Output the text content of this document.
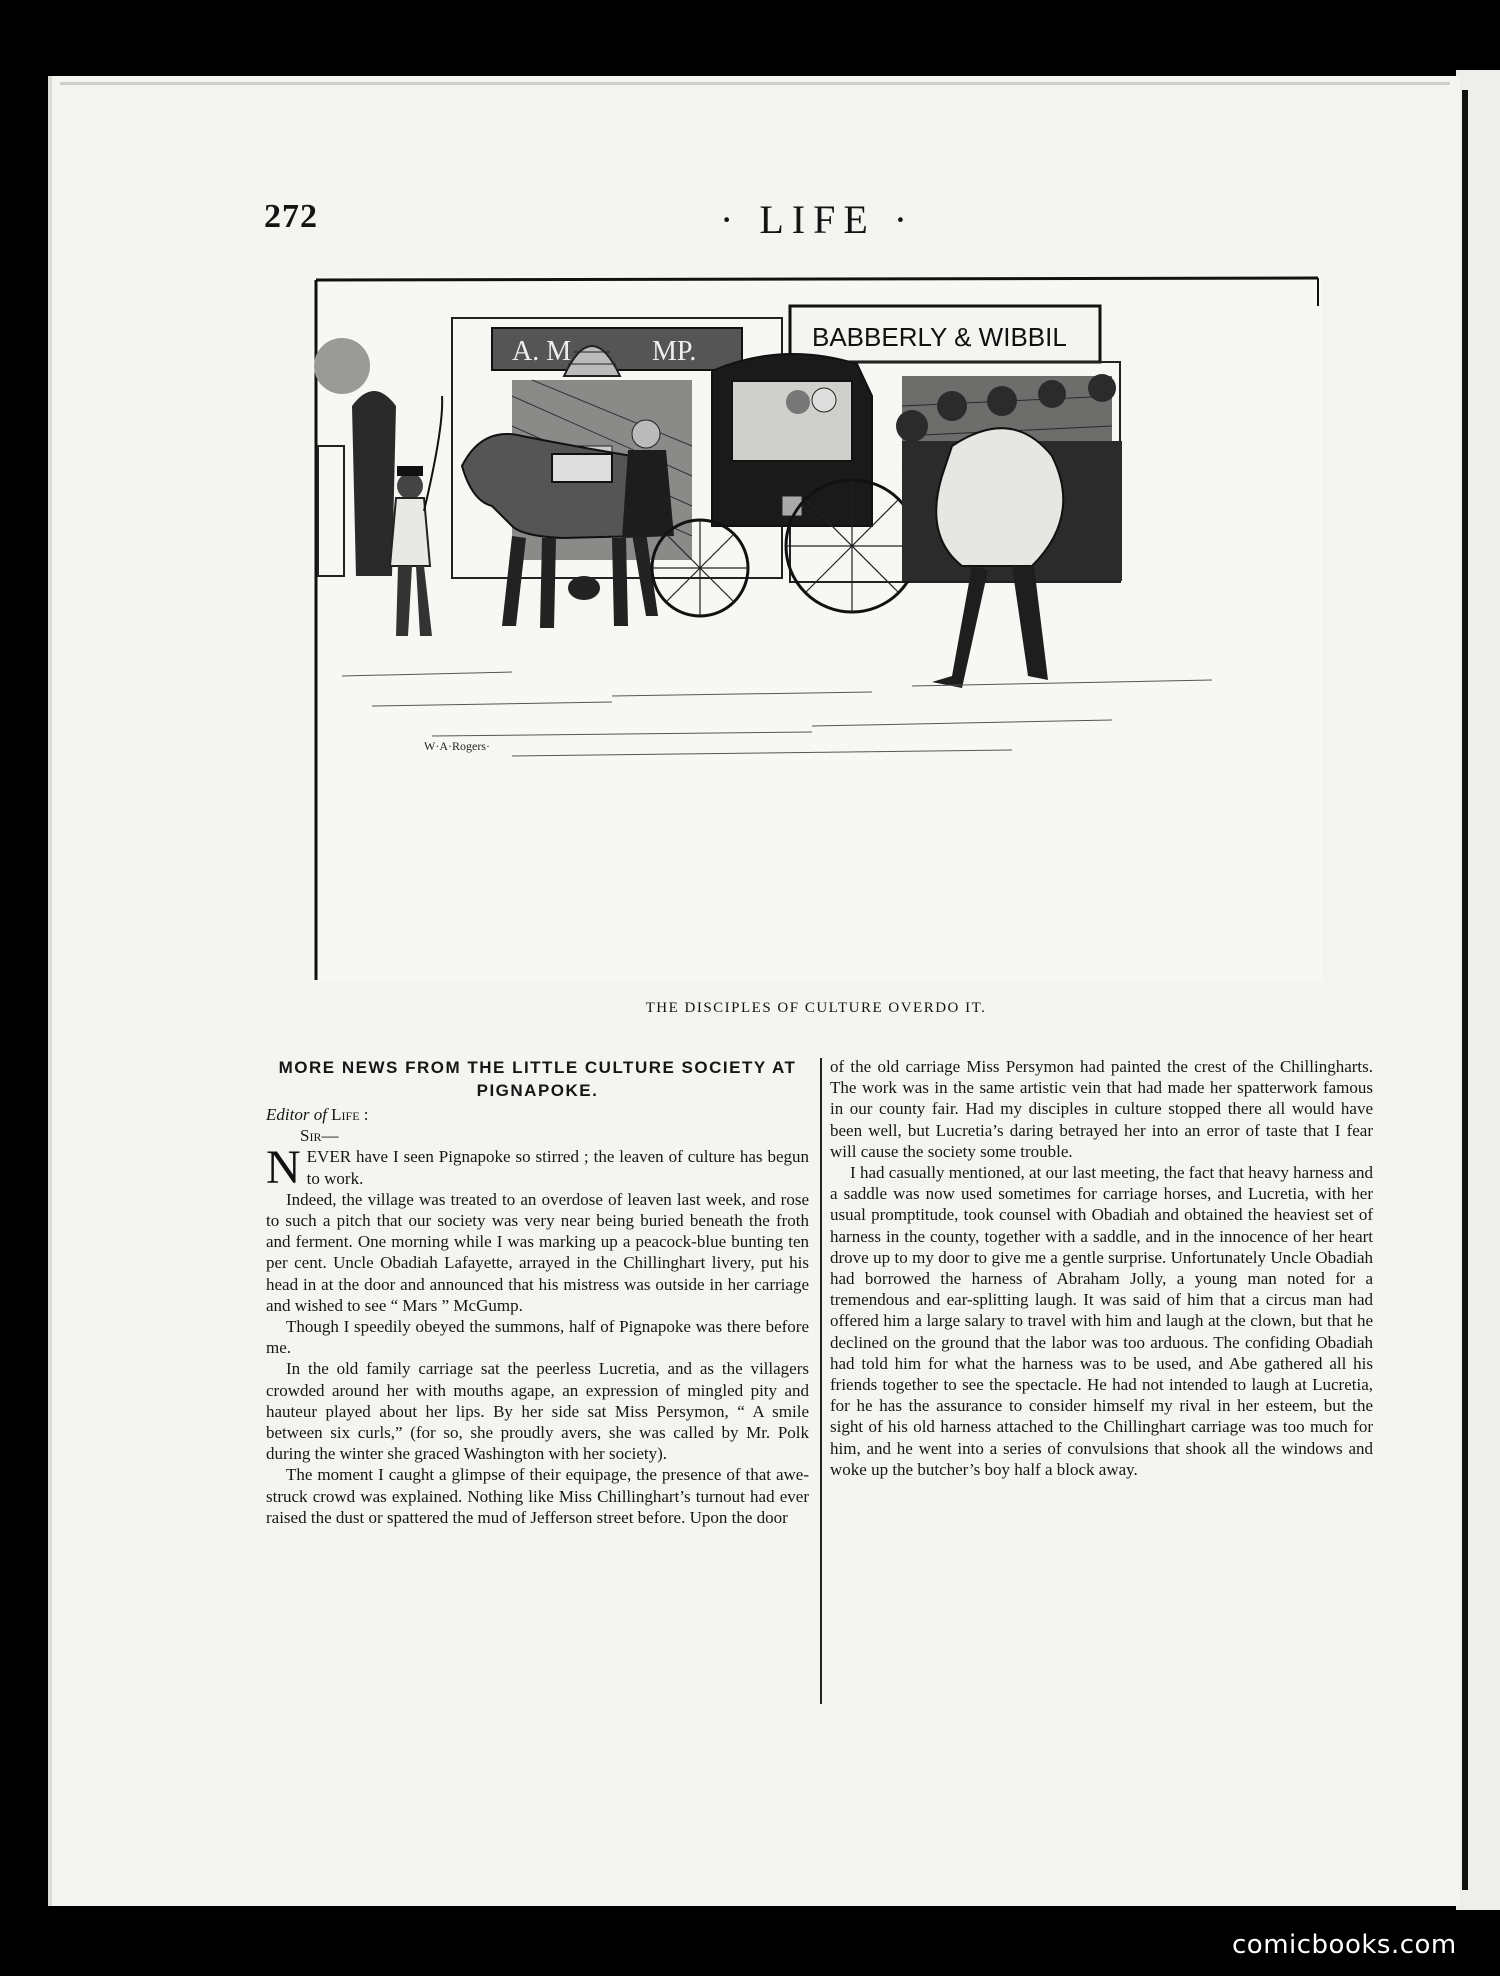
272	· LIFE ·
A. M	MP.	BABBERLY & WIBBIL
W·A·Rogers·
THE DISCIPLES OF CULTURE OVERDO IT.
MORE NEWS FROM THE LITTLE CULTURE SOCIETY AT PIGNAPOKE.
Editor of Life :
Sir—

N EVER have I seen Pignapoke so stirred ; the leaven of culture has begun to work.

Indeed, the village was treated to an overdose of leaven last week, and rose to such a pitch that our society was very near being buried beneath the froth and ferment. One morning while I was marking up a peacock-blue bunting ten per cent. Uncle Obadiah Lafayette, arrayed in the Chillinghart livery, put his head in at the door and announced that his mistress was outside in her carriage and wished to see “ Mars ” McGump.

Though I speedily obeyed the summons, half of Pignapoke was there before me.

In the old family carriage sat the peerless Lucretia, and as the villagers crowded around her with mouths agape, an expression of mingled pity and hauteur played about her lips. By her side sat Miss Persymon, “ A smile between six curls,” (for so, she proudly avers, she was called by Mr. Polk during the winter she graced Washington with her society).

The moment I caught a glimpse of their equipage, the presence of that awe-struck crowd was explained. Nothing like Miss Chillinghart’s turnout had ever raised the dust or spattered the mud of Jefferson street before. Upon the door

of the old carriage Miss Persymon had painted the crest of the Chillingharts. The work was in the same artistic vein that had made her spatterwork famous in our county fair. Had my disciples in culture stopped there all would have been well, but Lucretia’s daring betrayed her into an error of taste that I fear will cause the society some trouble.

I had casually mentioned, at our last meeting, the fact that heavy harness and a saddle was now used sometimes for carriage horses, and Lucretia, with her usual promptitude, took counsel with Obadiah and obtained the heaviest set of harness in the county, together with a saddle, and in the innocence of her heart drove up to my door to give me a gentle surprise. Unfortunately Uncle Obadiah had borrowed the harness of Abraham Jolly, a young man noted for a tremendous and ear-splitting laugh. It was said of him that a circus man had offered him a large salary to travel with him and laugh at the clown, but that he declined on the ground that the labor was too arduous. The confiding Obadiah had told him for what the harness was to be used, and Abe gathered all his friends together to see the spectacle. He had not intended to laugh at Lucretia, for he has the assurance to consider himself my rival in her esteem, but the sight of his old harness attached to the Chillinghart carriage was too much for him, and he went into a series of convulsions that shook all the windows and woke up the butcher’s boy half a block away.

comicbooks.com
